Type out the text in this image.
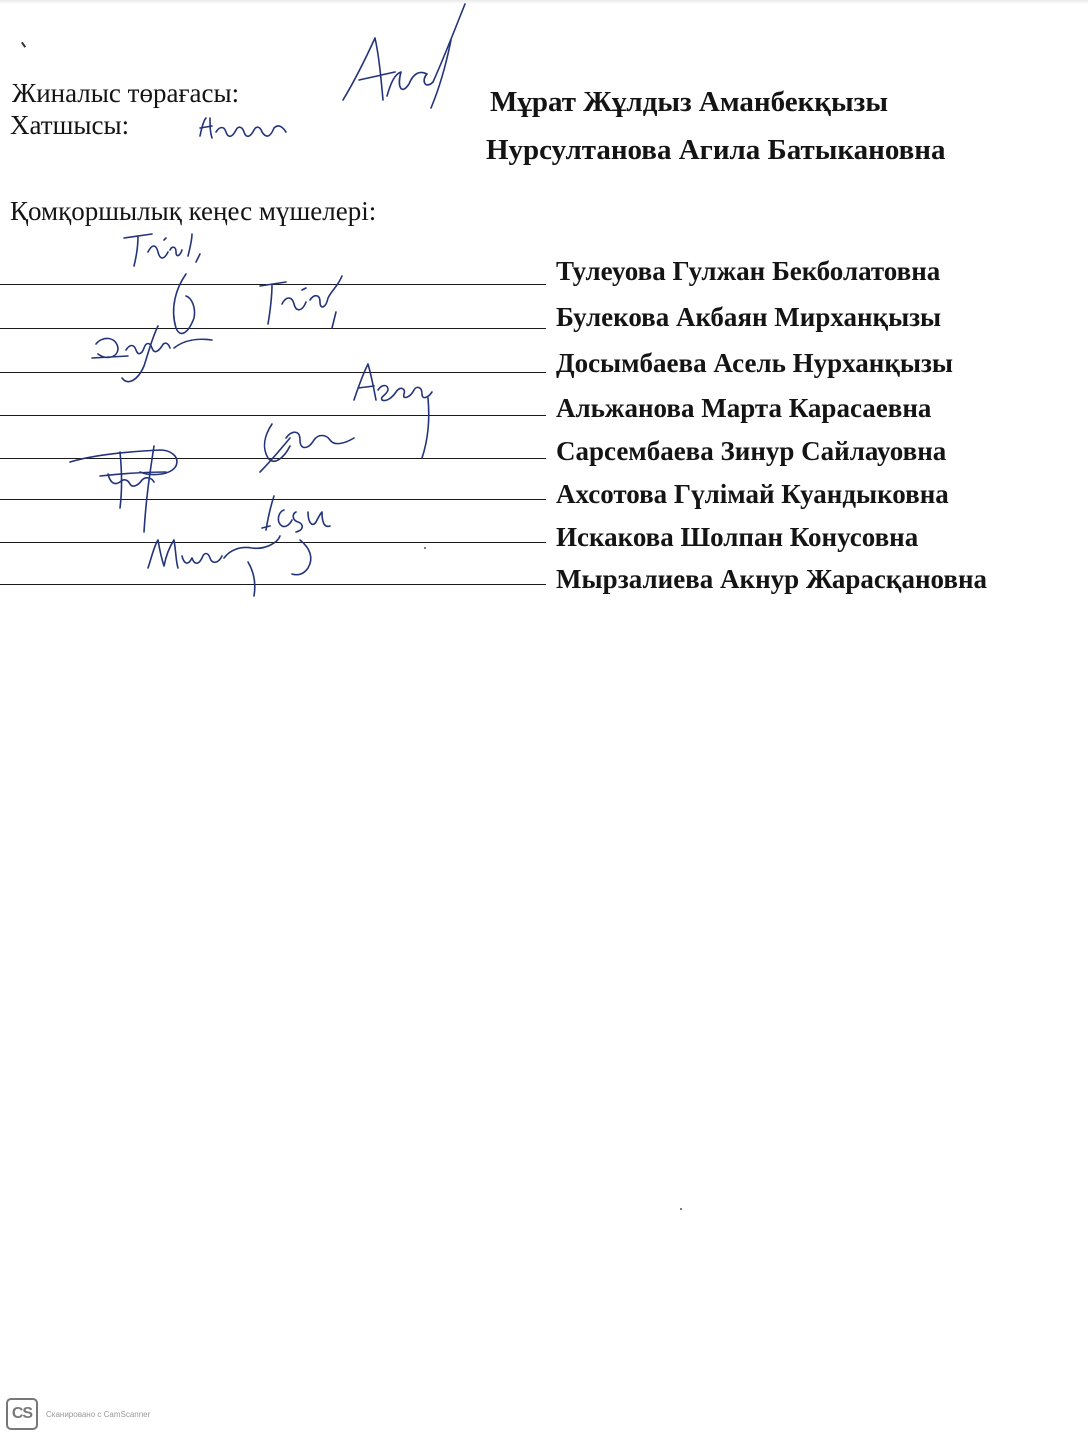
Жиналыс төрағасы:
Хатшысы:
Мұрат Жұлдыз Аманбекқызы
Нурсултанова Агила Батыкановна
Қомқоршылық кеңес мүшелері:
Тулеуова Гулжан Бекболатовна
Булекова Акбаян Мирханқызы
Досымбаева Асель Нурханқызы
Альжанова Марта Карасаевна
Сарсембаева Зинур Сайлауовна
Ахсотова Гүлімай Куандыковна
Искакова Шолпан Конусовна
Мырзалиева Акнур Жарасқановна
CS	Сканировано с CamScanner
